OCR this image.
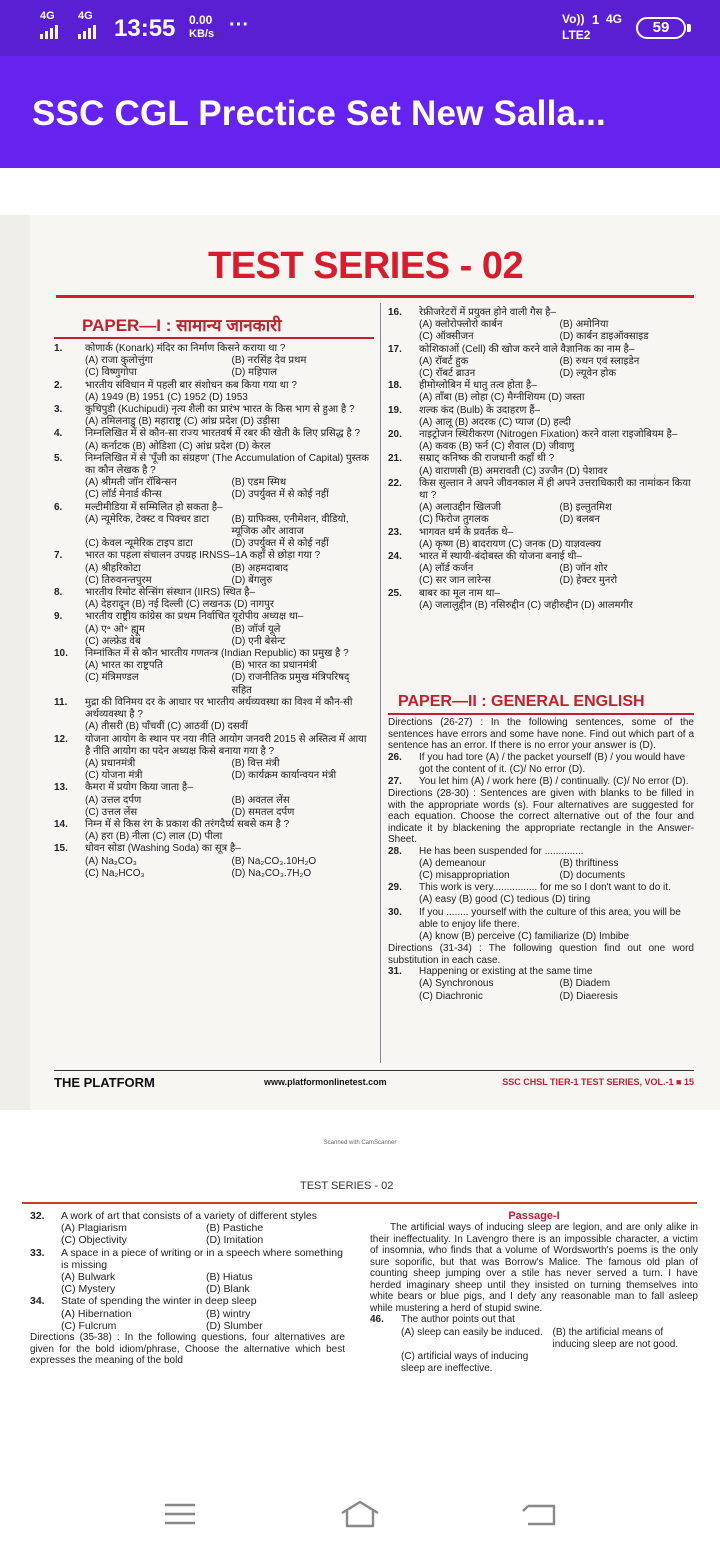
4G 4G 13:55 0.00
KB/s ···	Vo)) 1 4G
LTE2	59
SSC CGL Prectice Set New Salla...
TEST SERIES - 02
PAPER—I : सामान्य जानकारी
1.	कोणार्क (Konark) मंदिर का निर्माण किसने कराया था ?
(A) राजा कुलोत्तुंगा	(B) नरसिंह देव प्रथम
(C) विष्णुगोपा	(D) महिपाल
2.	भारतीय संविधान में पहली बार संशोधन कब किया गया था ?
(A) 1949 (B) 1951 (C) 1952 (D) 1953
3.	कुचिपुडी (Kuchipudi) नृत्य शैली का प्रारंभ भारत के किस भाग से हुआ है ?
(A) तमिलनाडु (B) महाराष्ट्र (C) आंध्र प्रदेश (D) उड़ीसा
4.	निम्नलिखित में से कौन-सा राज्य भारतवर्ष में रबर की खेती के लिए प्रसिद्ध है ?
(A) कर्नाटक (B) ओडिशा (C) आंध्र प्रदेश (D) केरल
5.	निम्नलिखित में से 'पूँजी का संग्रहण' (The Accumulation of Capital) पुस्तक का कौन लेखक है ?
(A) श्रीमती जॉन रॉबिन्सन	(B) एडम स्मिथ
(C) लॉर्ड मेनार्ड कीन्स	(D) उपर्युक्त में से कोई नहीं
6.	मल्टीमीडिया में सम्मिलित हो सकता है–
(A) न्यूमेरिक, टेक्स्ट व पिक्चर डाटा	(B) ग्राफिक्स, एनीमेशन, वीडियो, म्यूजिक और आवाज
(C) केवल न्यूमेरिक टाइप डाटा	(D) उपर्युक्त में से कोई नहीं
7.	भारत का पहला संचालन उपग्रह IRNSS–1A कहाँ से छोड़ा गया ?
(A) श्रीहरिकोटा	(B) अहमदाबाद
(C) तिरुवनन्तपुरम	(D) बेंगलुरु
8.	भारतीय रिमोट सेन्सिंग संस्थान (IIRS) स्थित है–
(A) देहरादून (B) नई दिल्ली (C) लखनऊ (D) नागपुर
9.	भारतीय राष्ट्रीय कांग्रेस का प्रथम निर्वाचित यूरोपीय अध्यक्ष था–
(A) ए॰ ओ॰ ह्यूम	(B) जॉर्ज यूले
(C) अल्फ्रेड वेब	(D) एनी बेसेन्ट
10.	निम्नांकित में से कौन भारतीय गणतन्त्र (Indian Republic) का प्रमुख है ?
(A) भारत का राष्ट्रपति	(B) भारत का प्रधानमंत्री
(C) मंत्रिमण्डल	(D) राजनीतिक प्रमुख मंत्रिपरिषद् सहित
11.	मुद्रा की विनिमय दर के आधार पर भारतीय अर्थव्यवस्था का विश्व में कौन-सी अर्थव्यवस्था है ?
(A) तीसरी (B) पाँचवीं (C) आठवीं (D) दसवीं
12.	योजना आयोग के स्थान पर नया नीति आयोग जनवरी 2015 से अस्तित्व में आया है नीति आयोग का पदेन अध्यक्ष किसे बनाया गया है ?
(A) प्रधानमंत्री	(B) वित्त मंत्री
(C) योजना मंत्री	(D) कार्यक्रम कार्यान्वयन मंत्री
13.	कैमरा में प्रयोग किया जाता है–
(A) उत्तल दर्पण	(B) अवतल लेंस
(C) उत्तल लेंस	(D) समतल दर्पण
14.	निम्न में से किस रंग के प्रकाश की तरंगदैर्घ्य सबसे कम है ?
(A) हरा (B) नीला (C) लाल (D) पीला
15.	धोवन सोडा (Washing Soda) का सूत्र है–
(A) Na₂CO₃	(B) Na₂CO₃.10H₂O
(C) Na₂HCO₃	(D) Na₂CO₃.7H₂O
16.	रेफ्रीजरेटरों में प्रयुक्त होने वाली गैस है–
(A) क्लोरोफ्लोरो कार्बन	(B) अमोनिया
(C) ऑक्सीजन	(D) कार्बन डाइऑक्साइड
17.	कोशिकाओं (Cell) की खोज करने वाले वैज्ञानिक का नाम है–
(A) रॉबर्ट हुक	(B) रुथन एवं स्लाइडेन
(C) रॉबर्ट ब्राउन	(D) ल्यूवेन होक
18.	हीमोग्लोबिन में धातु तत्व होता है–
(A) ताँबा (B) लोहा (C) मैग्नीशियम (D) जस्ता
19.	शल्क कंद (Bulb) के उदाहरण हैं–
(A) आलू (B) अदरक (C) प्याज (D) हल्दी
20.	नाइट्रोजन स्थिरीकरण (Nitrogen Fixation) करने वाला राइजोबियम है–
(A) कवक (B) फर्न (C) शैवाल (D) जीवाणु
21.	सम्राट् कनिष्क की राजधानी कहाँ थी ?
(A) वाराणसी (B) अमरावती (C) उज्जैन (D) पेशावर
22.	किस सुल्तान ने अपने जीवनकाल में ही अपने उत्तराधिकारी का नामांकन किया था ?
(A) अलाउद्दीन खिलजी	(B) इल्तुतमिश
(C) फिरोज तुगलक	(D) बलबन
23.	भागवत धर्म के प्रवर्तक थे–
(A) कृष्ण (B) बादरायण (C) जनक (D) याज्ञवल्क्य
24.	भारत में स्थायी-बंदोबस्त की योजना बनाई थी–
(A) लॉर्ड कर्जन	(B) जॉन शोर
(C) सर जान लारेन्स	(D) हेक्टर मुनरो
25.	बाबर का मूल नाम था–
(A) जलालुद्दीन (B) नसिरुद्दीन (C) जहीरुद्दीन (D) आलमगीर
PAPER—II : GENERAL ENGLISH
Directions (26-27) : In the following sentences, some of the sentences have errors and some have none. Find out which part of a sentence has an error. If there is no error your answer is (D).
26.	If you had tore (A) / the packet yourself (B) / you would have got the content of it. (C)/ No error (D).
27.	You let him (A) / work here (B) / continually. (C)/ No error (D).
Directions (28-30) : Sentences are given with blanks to be filled in with the appropriate words (s). Four alternatives are suggested for each equation. Choose the correct alternative out of the four and indicate it by blackening the appropriate rectangle in the Answer-Sheet.
28.	He has been suspended for ..............
(A) demeanour	(B) thriftiness
(C) misappropriation	(D) documents
29.	This work is very................ for me so I don't want to do it.
(A) easy (B) good (C) tedious (D) tiring
30.	If you ........ yourself with the culture of this area, you will be able to enjoy life there.
(A) know (B) perceive (C) familiarize (D) Imbibe
Directions (31-34) : The following question find out one word substitution in each case.
31.	Happening or existing at the same time
(A) Synchronous	(B) Diadem
(C) Diachronic	(D) Diaeresis
THE PLATFORM	www.platformonlinetest.com	SSC CHSL TIER-1 TEST SERIES, VOL.-1 ■ 15
Scanned with CamScanner
TEST SERIES - 02
32.	A work of art that consists of a variety of different styles
(A) Plagiarism	(B) Pastiche
(C) Objectivity	(D) Imitation
33.	A space in a piece of writing or in a speech where something is missing
(A) Bulwark	(B) Hiatus
(C) Mystery	(D) Blank
34.	State of spending the winter in deep sleep
(A) Hibernation	(B) wintry
(C) Fulcrum	(D) Slumber
Directions (35-38) : In the following questions, four alternatives are given for the bold idiom/phrase, Choose the alternative which best expresses the meaning of the bold
Passage-I
The artificial ways of inducing sleep are legion, and are only alike in their ineffectuality. In Lavengro there is an impossible character, a victim of insomnia, who finds that a volume of Wordsworth's poems is the only sure soporific, but that was Borrow's Malice. The famous old plan of counting sheep jumping over a stile has never served a turn. I have herded imaginary sheep until they insisted on turning themselves into white bears or blue pigs, and I defy any reasonable man to fall asleep while mustering a herd of stupid swine.
46.	The author points out that
(A) sleep can easily be induced. (B) the artificial means of inducing sleep are not good.
(C) artificial ways of inducing sleep are ineffective.
